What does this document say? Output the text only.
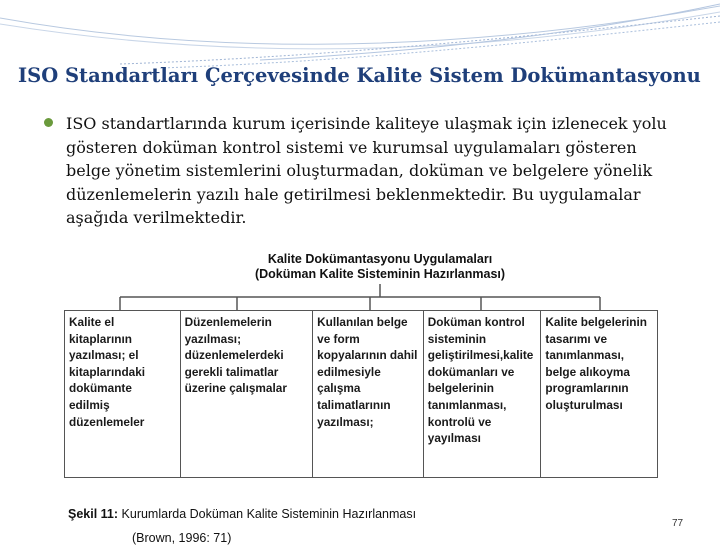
ISO Standartları Çerçevesinde Kalite Sistem Dokümantasyonu
ISO standartlarında kurum içerisinde kaliteye ulaşmak için izlenecek yolu gösteren doküman kontrol sistemi ve kurumsal uygulamaları gösteren belge yönetim sistemlerini oluşturmadan, doküman ve belgelere yönelik düzenlemelerin yazılı hale getirilmesi beklenmektedir. Bu uygulamalar aşağıda verilmektedir.
Kalite Dokümantasyonu Uygulamaları
(Doküman Kalite Sisteminin Hazırlanması)
Kalite el kitaplarının yazılması; el kitaplarındaki dokümante edilmiş düzenlemeler
Düzenlemelerin yazılması; düzenlemelerdeki gerekli talimatlar üzerine çalışmalar
Kullanılan belge ve form kopyalarının dahil edilmesiyle çalışma talimatlarının yazılması;
Doküman kontrol sisteminin geliştirilmesi,kalite dokümanları ve belgelerinin tanımlanması, kontrolü ve yayılması
Kalite belgelerinin tasarımı ve tanımlanması, belge alıkoyma programlarının oluşturulması
Şekil 11: Kurumlarda Doküman Kalite Sisteminin Hazırlanması
(Brown, 1996: 71)
77
